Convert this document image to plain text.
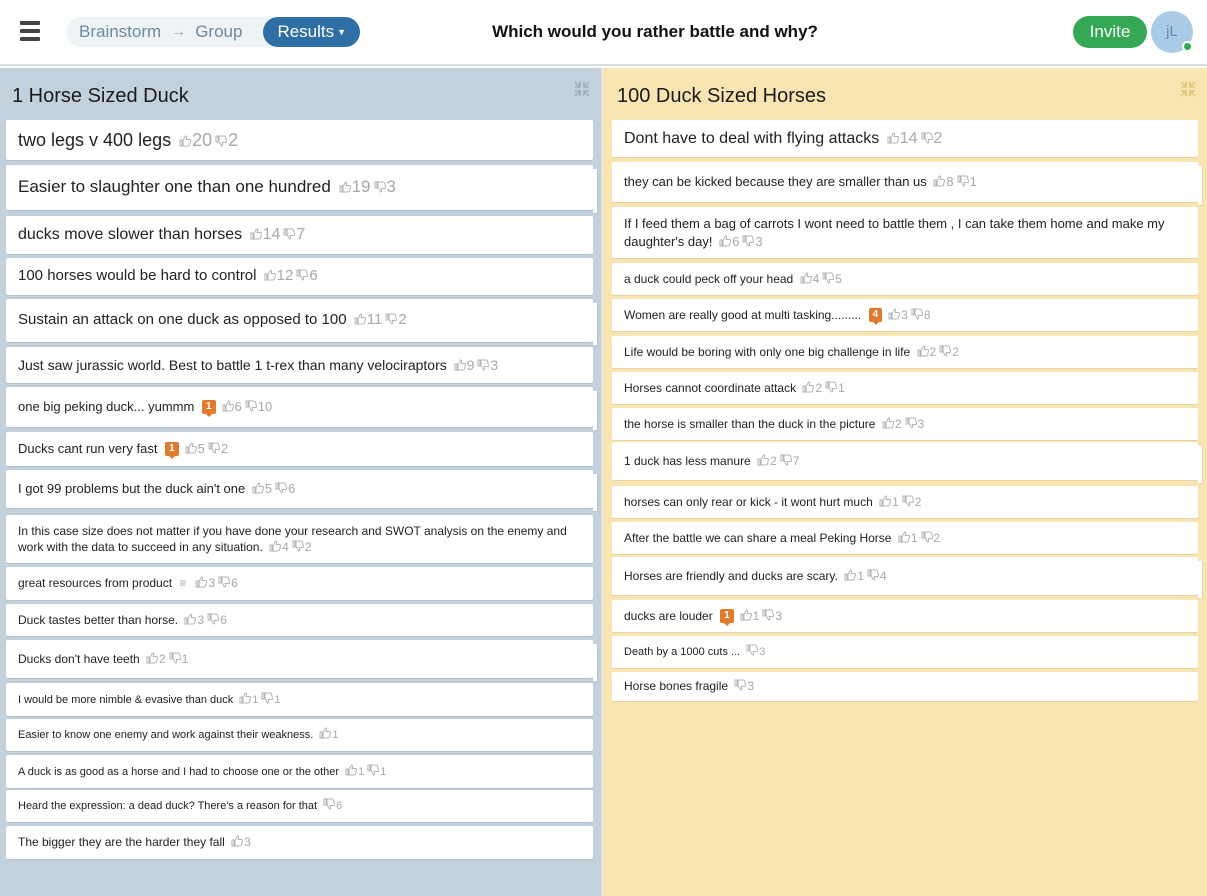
Brainstorm → Group	Results ▼	Which would you rather battle and why?	Invite	jL
1 Horse Sized Duck
two legs v 400 legs 20 2
Easier to slaughter one than one hundred 19 3
ducks move slower than horses 14 7
100 horses would be hard to control 12 6
Sustain an attack on one duck as opposed to 100 11 2
Just saw jurassic world. Best to battle 1 t-rex than many velociraptors 9 3
one big peking duck... yummm 1 6 10
Ducks cant run very fast 1 5 2
I got 99 problems but the duck ain't one 5 6
In this case size does not matter if you have done your research and SWOT analysis on the enemy and work with the data to succeed in any situation. 4 2
great resources from product ≡ 3 6
Duck tastes better than horse. 3 6
Ducks don't have teeth 2 1
I would be more nimble & evasive than duck 1 1
Easier to know one enemy and work against their weakness. 1
A duck is as good as a horse and I had to choose one or the other 1 1
Heard the expression: a dead duck? There's a reason for that 6
The bigger they are the harder they fall 3
100 Duck Sized Horses
Dont have to deal with flying attacks 14 2
they can be kicked because they are smaller than us 8 1
If I feed them a bag of carrots I wont need to battle them , I can take them home and make my daughter's day! 6 3
a duck could peck off your head 4 5
Women are really good at multi tasking......... 4 3 8
Life would be boring with only one big challenge in life 2 2
Horses cannot coordinate attack 2 1
the horse is smaller than the duck in the picture 2 3
1 duck has less manure 2 7
horses can only rear or kick - it wont hurt much 1 2
After the battle we can share a meal Peking Horse 1 2
Horses are friendly and ducks are scary. 1 4
ducks are louder 1 1 3
Death by a 1000 cuts ... 3
Horse bones fragile 3
